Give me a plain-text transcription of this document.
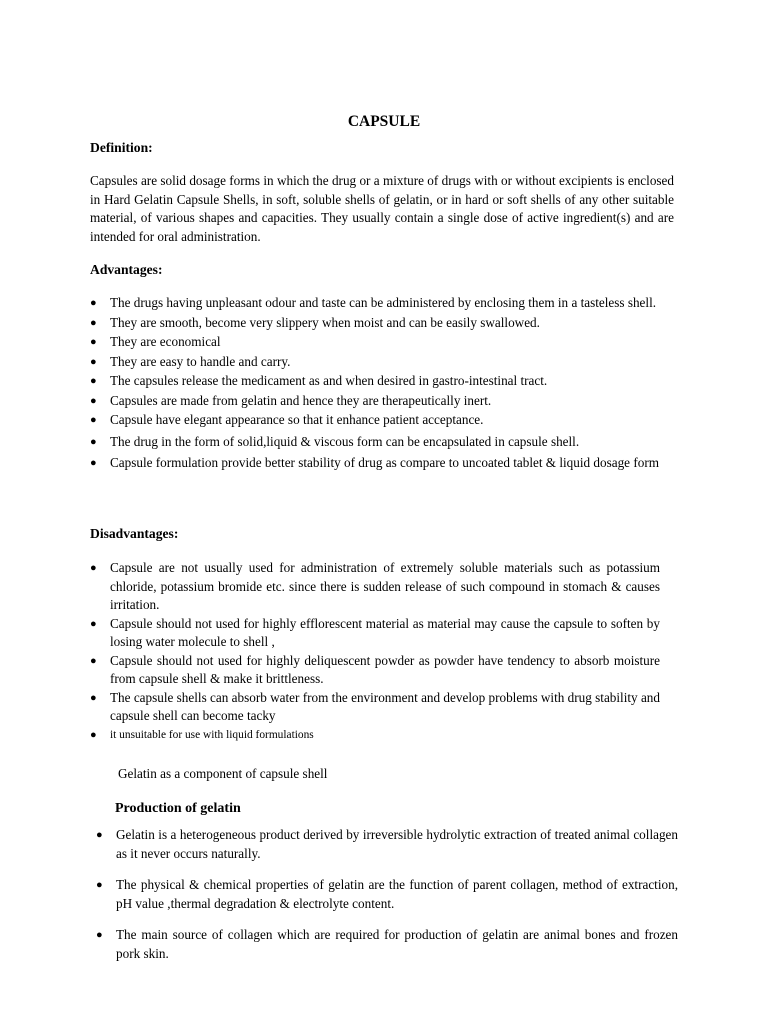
CAPSULE
Definition:
Capsules are solid dosage forms in which the drug or a mixture of drugs with or without excipients is enclosed in Hard Gelatin Capsule Shells, in soft, soluble shells of gelatin, or in hard or soft shells of any other suitable material, of various shapes and capacities. They usually contain a single dose of active ingredient(s) and are intended for oral administration.
Advantages:
● The drugs having unpleasant odour and taste can be administered by enclosing them in a tasteless shell.
● They are smooth, become very slippery when moist and can be easily swallowed.
● They are economical
● They are easy to handle and carry.
● The capsules release the medicament as and when desired in gastro-intestinal tract.
● Capsules are made from gelatin and hence they are therapeutically inert.
● Capsule have elegant appearance so that it enhance patient acceptance.
● The drug in the form of solid,liquid & viscous form can be encapsulated in capsule shell.
● Capsule formulation provide better stability of drug as compare to uncoated tablet & liquid dosage form
Disadvantages:
● Capsule are not usually used for administration of extremely soluble materials such as potassium chloride, potassium bromide etc. since there is sudden release of such compound in stomach & causes irritation.
● Capsule should not used for highly efflorescent material as material may cause the capsule to soften by losing water molecule to shell ,
● Capsule should not used for highly deliquescent powder as powder have tendency to absorb moisture from capsule shell & make it brittleness.
● The capsule shells can absorb water from the environment and develop problems with drug stability and capsule shell can become tacky
● it unsuitable for use with liquid formulations
Gelatin as a component of capsule shell
Production of gelatin
● Gelatin is a heterogeneous product derived by irreversible hydrolytic extraction of treated animal collagen as it never occurs naturally.
● The physical & chemical properties of gelatin are the function of parent collagen, method of extraction, pH value ,thermal degradation & electrolyte content.
● The main source of collagen which are required for production of gelatin are animal bones and frozen pork skin.
